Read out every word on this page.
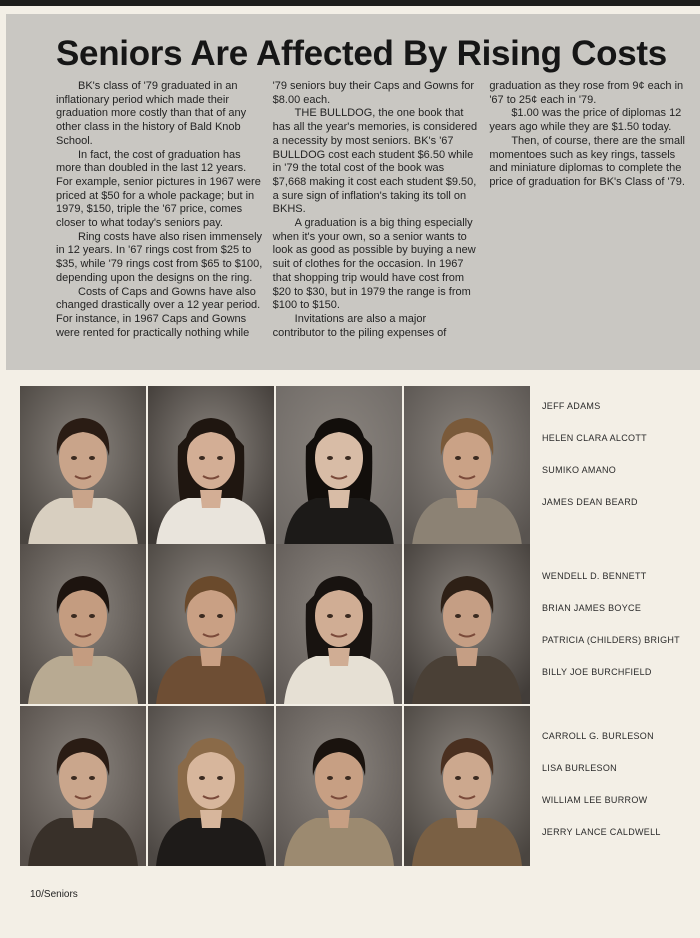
Seniors Are Affected By Rising Costs

BK's class of '79 graduated in an inflationary period which made their graduation more costly than that of any other class in the history of Bald Knob School.

In fact, the cost of graduation has more than doubled in the last 12 years. For example, senior pictures in 1967 were priced at $50 for a whole package; but in 1979, $150, triple the '67 price, comes closer to what today's seniors pay.

Ring costs have also risen immensely in 12 years. In '67 rings cost from $25 to $35, while '79 rings cost from $65 to $100, depending upon the designs on the ring.

Costs of Caps and Gowns have also changed drastically over a 12 year period. For instance, in 1967 Caps and Gowns were rented for practically nothing while '79 seniors buy their Caps and Gowns for $8.00 each.

THE BULLDOG, the one book that has all the year's memories, is considered a necessity by most seniors. BK's '67 BULLDOG cost each student $6.50 while in '79 the total cost of the book was $7,668 making it cost each student $9.50, a sure sign of inflation's taking its toll on BKHS.

A graduation is a big thing especially when it's your own, so a senior wants to look as good as possible by buying a new suit of clothes for the occasion. In 1967 that shopping trip would have cost from $20 to $30, but in 1979 the range is from $100 to $150.

Invitations are also a major contributor to the piling expenses of graduation as they rose from 9¢ each in '67 to 25¢ each in '79.

$1.00 was the price of diplomas 12 years ago while they are $1.50 today.

Then, of course, there are the small momentoes such as key rings, tassels and miniature diplomas to complete the price of graduation for BK's Class of '79.

JEFF ADAMS
HELEN CLARA ALCOTT
SUMIKO AMANO
JAMES DEAN BEARD
WENDELL D. BENNETT
BRIAN JAMES BOYCE
PATRICIA (CHILDERS) BRIGHT
BILLY JOE BURCHFIELD
CARROLL G. BURLESON
LISA BURLESON
WILLIAM LEE BURROW
JERRY LANCE CALDWELL
10/Seniors
